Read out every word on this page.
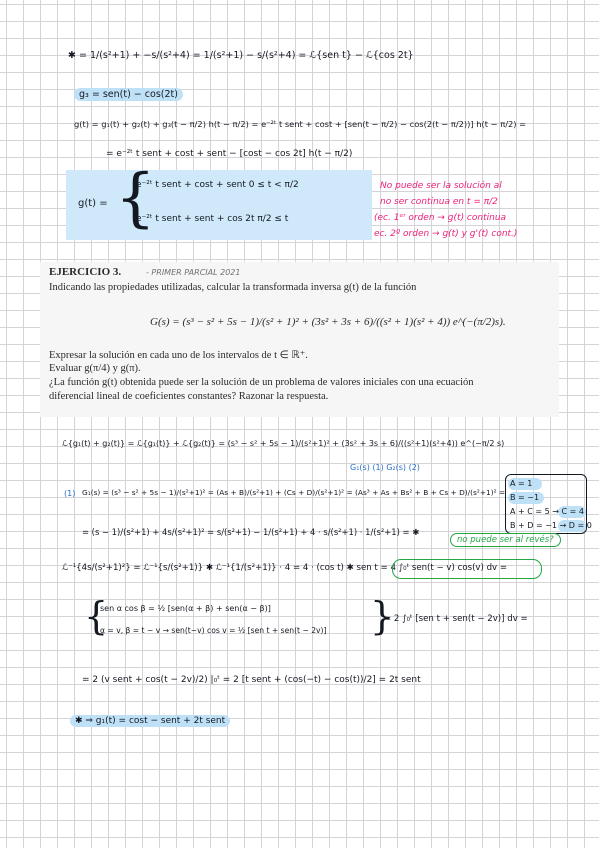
✱ = 1/(s²+1) + −s/(s²+4) = 1/(s²+1) − s/(s²+4) = ℒ{sen t} − ℒ{cos 2t}
g₃ = sen(t) − cos(2t)
g(t) = g₁(t) + g₂(t) + g₃(t − π/2) h(t − π/2) = e⁻²ᵗ t sent + cost + [sen(t − π/2) − cos(2(t − π/2))] h(t − π/2) =
= e⁻²ᵗ t sent + cost + sent − [cost − cos 2t] h(t − π/2)
g(t) = {
e⁻²ᵗ t sent + cost + sent 0 ≤ t < π/2
e⁻²ᵗ t sent + sent + cos 2t π/2 ≤ t
No puede ser la solución al
no ser continua en t = π/2
(ec. 1ᵉʳ orden → g(t) continua
ec. 2º orden → g(t) y g'(t) cont.)
EJERCICIO 3.	- PRIMER PARCIAL 2021
Indicando las propiedades utilizadas, calcular la transformada inversa g(t) de la función
G(s) = (s³ − s² + 5s − 1)/(s² + 1)² + (3s² + 3s + 6)/((s² + 1)(s² + 4)) e^(−(π/2)s).
Expresar la solución en cada uno de los intervalos de t ∈ ℝ⁺.
Evaluar g(π/4) y g(π).
¿La función g(t) obtenida puede ser la solución de un problema de valores iniciales con una ecuación
diferencial lineal de coeficientes constantes? Razonar la respuesta.
ℒ{g₁(t) + g₂(t)} = ℒ{g₁(t)} + ℒ{g₂(t)} = (s³ − s² + 5s − 1)/(s²+1)² + (3s² + 3s + 6)/((s²+1)(s²+4)) e^(−π/2 s)
G₁(s) (1) G₂(s) (2)
(1) G₁(s) = (s³ − s² + 5s − 1)/(s²+1)² = (As + B)/(s²+1) + (Cs + D)/(s²+1)² = (As³ + As + Bs² + B + Cs + D)/(s²+1)² =
A = 1
B = −1
A + C = 5 → C = 4
B + D = −1 → D = 0
= (s − 1)/(s²+1) + 4s/(s²+1)² = s/(s²+1) − 1/(s²+1) + 4 · s/(s²+1) · 1/(s²+1) = ✱
no puede ser al revés?
ℒ⁻¹{4s/(s²+1)²} = ℒ⁻¹{s/(s²+1)} ✱ ℒ⁻¹{1/(s²+1)} · 4 = 4 · (cos t) ✱ sen t = 4 ∫₀ᵗ sen(t − v) cos(v) dv =
{
sen α cos β = ½ [sen(α + β) + sen(α − β)]
α = v, β = t − v → sen(t−v) cos v = ½ [sen t + sen(t − 2v)] }
= 2 ∫₀ᵗ [sen t + sen(t − 2v)] dv =
= 2 (v sent + cos(t − 2v)/2) |₀ᵗ = 2 [t sent + (cos(−t) − cos(t))/2] = 2t sent
✱ ⇒ g₁(t) = cost − sent + 2t sent
